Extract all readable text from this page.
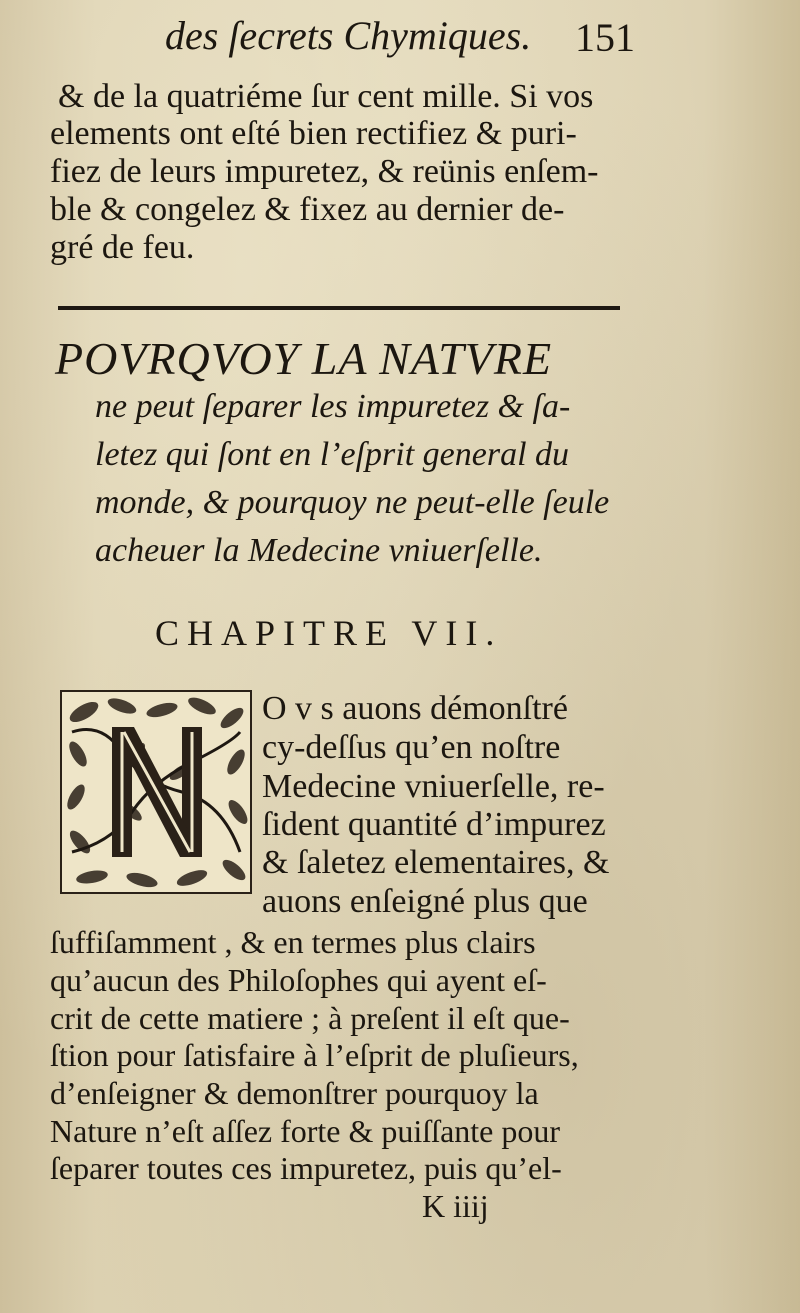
des ſecrets Chymiques. 151
& de la quatriéme ſur cent mille. Si vos
elements ont eſté bien rectifiez & puri-
fiez de leurs impuretez, & reünis enſem-
ble & congelez & fixez au dernier de-
gré de feu.
POVRQVOY LA NATVRE
ne peut ſeparer les impuretez & ſa-
letez qui ſont en l’eſprit general du
monde, & pourquoy ne peut-elle ſeule
acheuer la Medecine vniuerſelle.
CHAPITRE VII.
O v s auons démonſtré
cy-deſſus qu’en noſtre
Medecine vniuerſelle, re-
ſident quantité d’impurez
& ſaletez elementaires, &
auons enſeigné plus que
ſuffiſamment , & en termes plus clairs
qu’aucun des Philoſophes qui ayent eſ-
crit de cette matiere ; à preſent il eſt que-
ſtion pour ſatisfaire à l’eſprit de pluſieurs,
d’enſeigner & demonſtrer pourquoy la
Nature n’eſt aſſez forte & puiſſante pour
ſeparer toutes ces impuretez, puis qu’el-
K iiij
